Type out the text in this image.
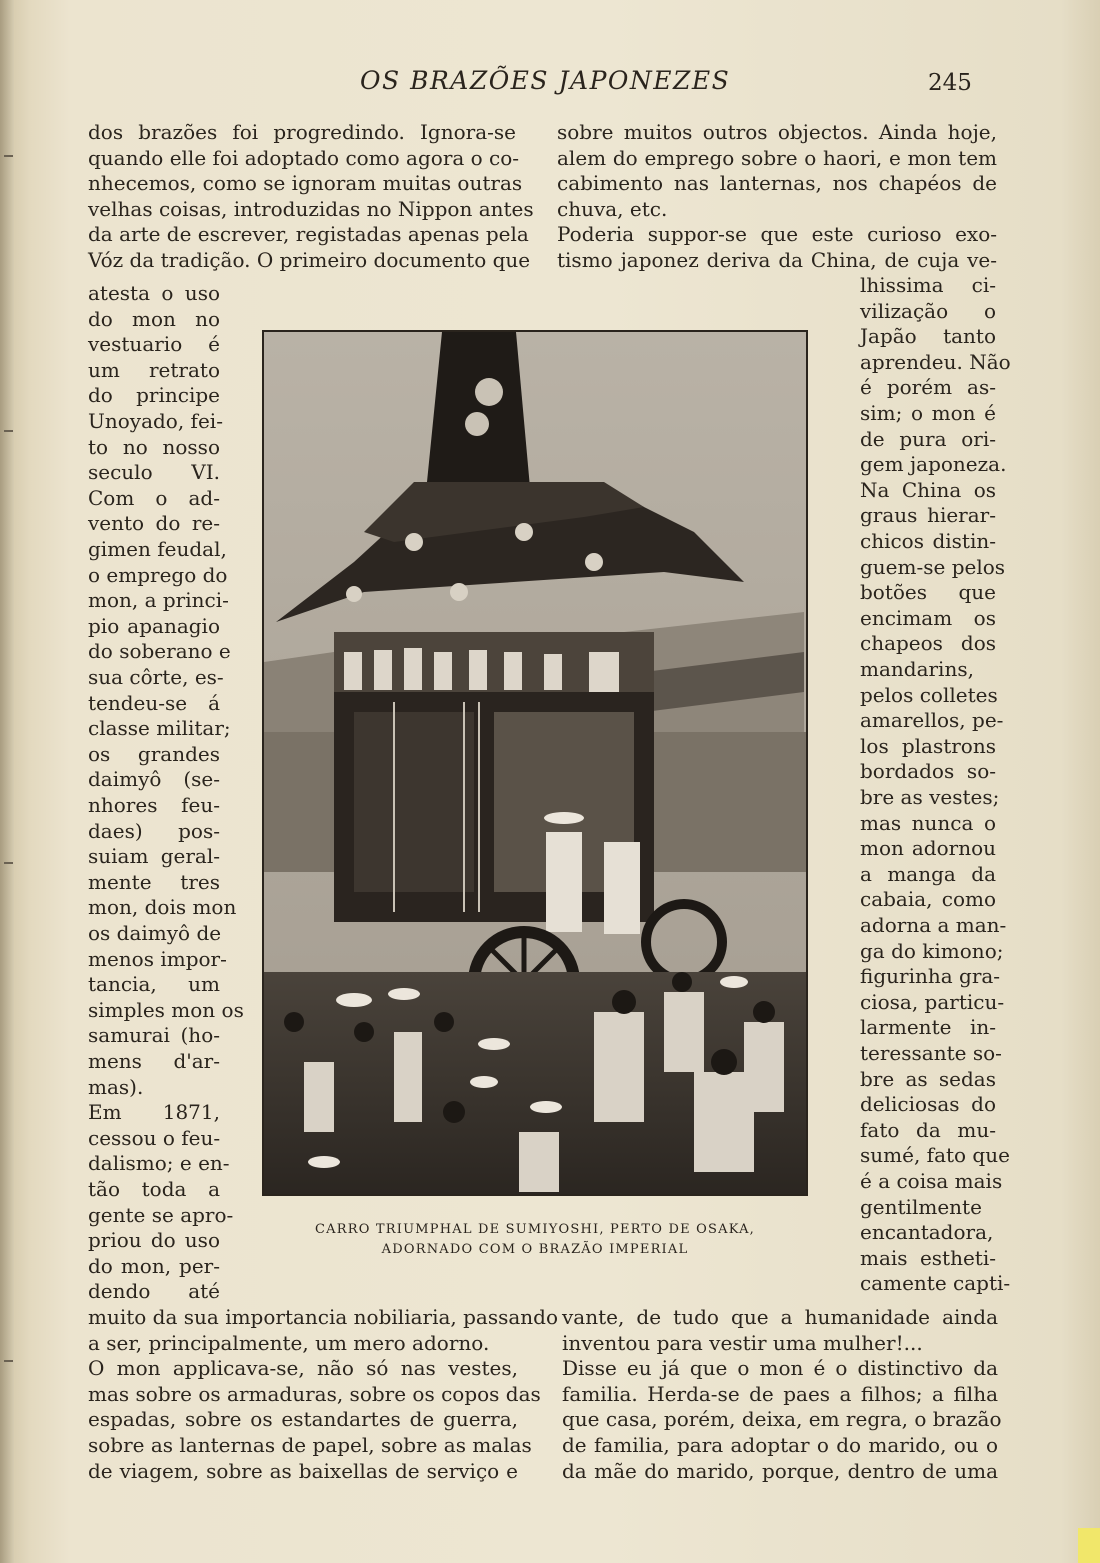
OS BRAZÕES JAPONEZES	245
dos brazões foi progredindo. Ignora-se
quando elle foi adoptado como agora o co-
nhecemos, como se ignoram muitas outras
velhas coisas, introduzidas no Nippon antes
da arte de escrever, registadas apenas pela
Vóz da tradição. O primeiro documento que
atesta o uso
do mon no
vestuario é
um retrato
do principe
Unoyado, fei-
to no nosso
seculo VI.
Com o ad-
vento do re-
gimen feudal,
o emprego do
mon, a princi-
pio apanagio
do soberano e
sua côrte, es-
tendeu-se á
classe militar;
os grandes
daimyô (se-
nhores feu-
daes) pos-
suiam geral-
mente tres
mon, dois mon
os daimyô de
menos impor-
tancia, um
simples mon os
samurai (ho-
mens d'ar-
mas).
Em 1871,
cessou o feu-
dalismo; e en-
tão toda a
gente se apro-
priou do uso
do mon, per-
dendo até
muito da sua importancia nobiliaria, passando
a ser, principalmente, um mero adorno.
O mon applicava-se, não só nas vestes,
mas sobre os armaduras, sobre os copos das
espadas, sobre os estandartes de guerra,
sobre as lanternas de papel, sobre as malas
de viagem, sobre as baixellas de serviço e
sobre muitos outros objectos. Ainda hoje,
alem do emprego sobre o haori, e mon tem
cabimento nas lanternas, nos chapéos de
chuva, etc.
Poderia suppor-se que este curioso exo-
tismo japonez deriva da China, de cuja ve-
lhissima ci-
vilização o
Japão tanto
aprendeu. Não
é porém as-
sim; o mon é
de pura ori-
gem japoneza.
Na China os
graus hierar-
chicos distin-
guem-se pelos
botões que
encimam os
chapeos dos
mandarins,
pelos colletes
amarellos, pe-
los plastrons
bordados so-
bre as vestes;
mas nunca o
mon adornou
a manga da
cabaia, como
adorna a man-
ga do kimono;
figurinha gra-
ciosa, particu-
larmente in-
teressante so-
bre as sedas
deliciosas do
fato da mu-
sumé, fato que
é a coisa mais
gentilmente
encantadora,
mais estheti-
camente capti-
vante, de tudo que a humanidade ainda
inventou para vestir uma mulher!...
Disse eu já que o mon é o distinctivo da
familia. Herda-se de paes a filhos; a filha
que casa, porém, deixa, em regra, o brazão
de familia, para adoptar o do marido, ou o
da mãe do marido, porque, dentro de uma
CARRO TRIUMPHAL DE SUMIYOSHI, PERTO DE OSAKA,
ADORNADO COM O BRAZÃO IMPERIAL
